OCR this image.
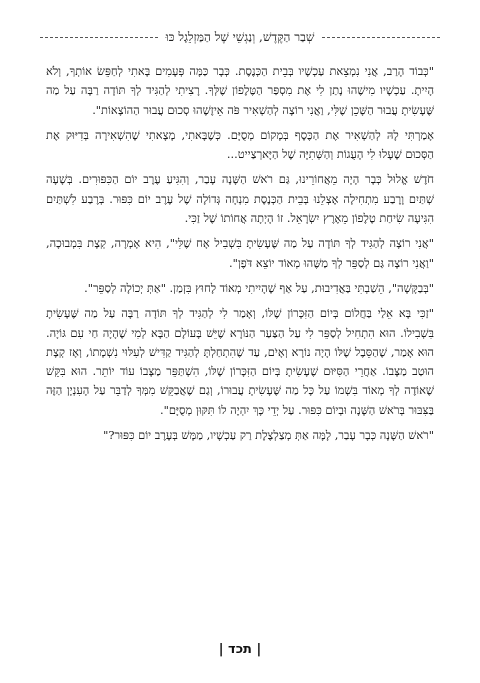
שְׁבַר הַקֶּדֶשׁ, וְנַגְשֵׁי שֶׁל הַמַּזְלֵגָל כּוּ

"כְּבוֹד הָרַב, אֲנִי נִמְצֵאת עַכְשָׁיו בְּבֵית הַכְּנֶסֶת. כְּבָר כַּמָּה פְּעָמִים בָּאתִי לְחַפֵּשׂ אוֹתְךָ, וְלֹא הָיִיתָ. עַכְשָׁיו מִישֶׁהוּ נָתַן לִי אֶת מִסְפַּר הַטֶּלֶפוֹן שֶׁלְּךָ. רָצִיתִי לְהַגִּיד לְךָ תּוֹדָה רַבָּה עַל מַה שֶּׁעָשִׂיתָ עֲבוּר הַשָּׁכֵן שֶׁלִּי, וַאֲנִי רוֹצָה לְהַשְׁאִיר פֹּה אֵיזֶשֶׁהוּ סְכוּם עֲבוּר הַהוֹצָאוֹת".

אָמַרְתִּי לָהּ לְהַשְׁאִיר אֶת הַכֶּסֶף בְּמָקוֹם מְסֻיָּם. כְּשֶׁבָּאתִי, מָצָאתִי שֶׁהִשְׁאִירָה בְּדִיּוּק אֶת הַסְּכוּם שֶׁעָלוּ לִי הָעֻגוֹת וְהַשְּׁתִיָּה שֶׁל הַיָּארְצַייט...

חֹדֶשׁ אֱלוּל כְּבָר הָיָה מֵאֲחוֹרֵינוּ, גַּם רֹאשׁ הַשָּׁנָה עָבַר, וְהִגִּיעַ עֶרֶב יוֹם הַכִּפּוּרִים. בְּשָׁעָה שְׁתַּיִם וָרֶבַע מִתְחִילָה אֶצְלֵנוּ בְּבֵית הַכְּנֶסֶת מִנְחָה גְּדוֹלָה שֶׁל עֶרֶב יוֹם כִּפּוּר. בְּרֶבַע לִשְׁתַּיִם הִגִּיעָה שִׂיחַת טֶלֶפוֹן מֵאֶרֶץ יִשְׂרָאֵל. זוֹ הָיְתָה אֲחוֹתוֹ שֶׁל זַכִּי.

"אֲנִי רוֹצָה לְהַגִּיד לְךָ תּוֹדָה עַל מַה שֶּׁעָשִׂיתָ בִּשְׁבִיל אָח שֶׁלִּי", הִיא אָמְרָה, קְצָת בִּמְבוּכָה, "וַאֲנִי רוֹצָה גַּם לְסַפֵּר לְךָ מַשֶּׁהוּ מְאוֹד יוֹצֵא דֹּפֶן".

"בְּבַקָּשָׁה", הֵשַׁבְתִּי בַּאֲדִיבוּת, עַל אַף שֶׁהָיִיתִי מְאוֹד לָחוּץ בִּזְמַן. "אַתְּ יְכוֹלָה לְסַפֵּר".

"זַכִּי בָּא אֵלַי בַּחֲלוֹם בְּיוֹם הַזִּכָּרוֹן שֶׁלּוֹ, וְאָמַר לִי לְהַגִּיד לְךָ תּוֹדָה רַבָּה עַל מַה שֶּׁעָשִׂיתָ בִּשְׁבִילוֹ. הוּא הִתְחִיל לְסַפֵּר לִי עַל הַצַּעַר הַנּוֹרָא שֶׁיֵּשׁ בָּעוֹלָם הַבָּא לְמִי שֶׁהָיָה חַי עִם גּוֹיָה. הוּא אָמַר, שֶׁהַסֵּבֶל שֶׁלּוֹ הָיָה נוֹרָא וְאָיֹם, עַד שֶׁהִתְחַלְתָּ לְהַגִּיד קַדִּישׁ לְעִלּוּי נִשְׁמָתוֹ, וְאָז קְצָת הוּטַב מַצָּבוֹ. אַחֲרֵי הַסִּיּוּם שֶׁעָשִׂיתָ בְּיוֹם הַזִּכָּרוֹן שֶׁלּוֹ, הִשְׁתַּפֵּר מַצָּבוֹ עוֹד יוֹתֵר. הוּא בִּקֵּשׁ שֶׁאוֹדֶה לְךָ מְאוֹד בִּשְׁמוֹ עַל כָּל מַה שֶּׁעָשִׂיתָ עֲבוּרוֹ, וְגַם שֶׁאֲבַקֵּשׁ מִמְּךָ לְדַבֵּר עַל הָעִנְיָן הַזֶּה בַּצִּבּוּר בְּרֹאשׁ הַשָּׁנָה וּבְיוֹם כִּפּוּר. עַל יְדֵי כָּךְ יִהְיֶה לוֹ תִּקּוּן מְסֻיָּם".

"רֹאשׁ הַשָּׁנָה כְּבָר עָבַר, לָמָּה אַתְּ מְצַלְצֶלֶת רַק עַכְשָׁיו, מַמָּשׁ בְּעֶרֶב יוֹם כִּפּוּר?"

| תכד |
